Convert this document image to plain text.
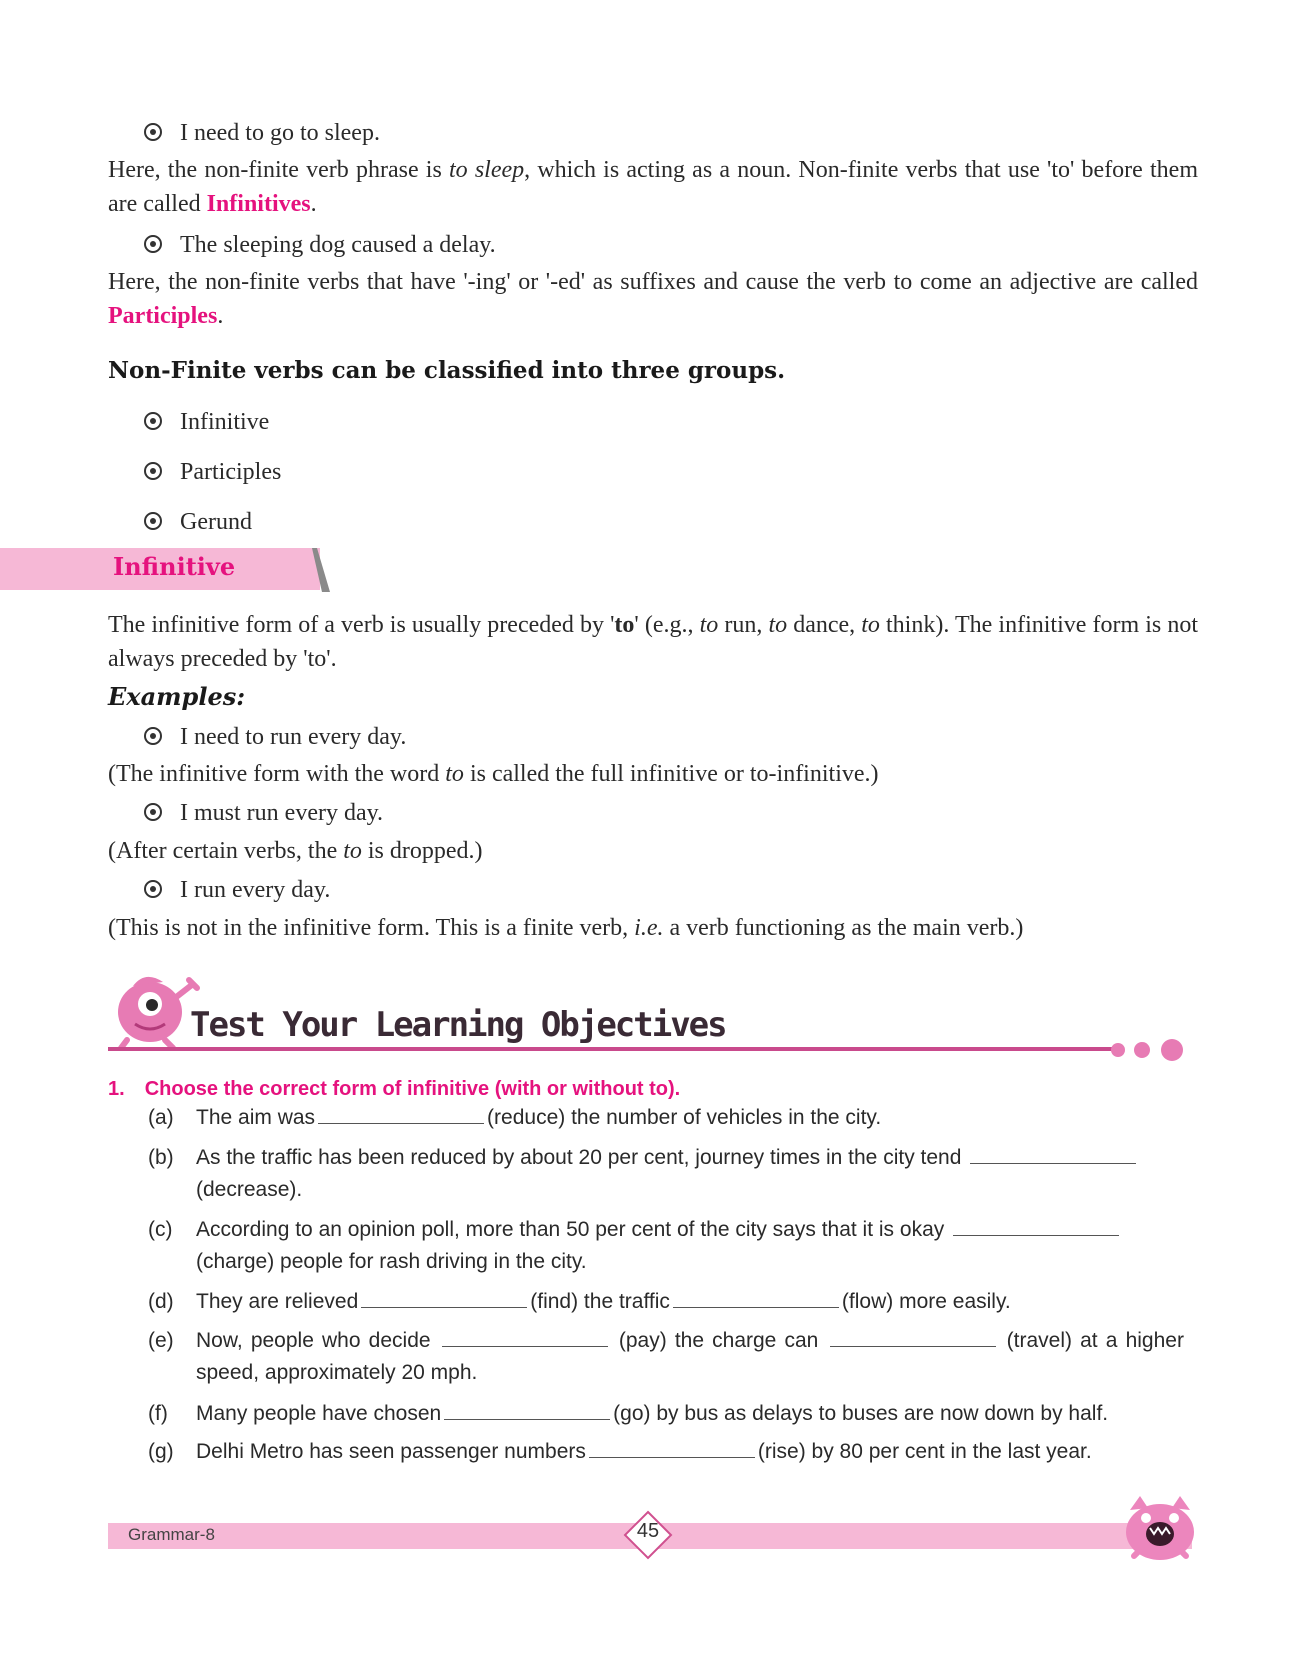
I need to go to sleep.
Here, the non-finite verb phrase is to sleep, which is acting as a noun. Non-finite verbs that use 'to' before them are called Infinitives.
The sleeping dog caused a delay.
Here, the non-finite verbs that have '-ing' or '-ed' as suffixes and cause the verb to come an adjective are called Participles.
Non-Finite verbs can be classified into three groups.
Infinitive
Participles
Gerund
Infinitive
The infinitive form of a verb is usually preceded by 'to' (e.g., to run, to dance, to think). The infinitive form is not always preceded by 'to'.
Examples:
I need to run every day.
(The infinitive form with the word to is called the full infinitive or to-infinitive.)
I must run every day.
(After certain verbs, the to is dropped.)
I run every day.
(This is not in the infinitive form. This is a finite verb, i.e. a verb functioning as the main verb.)
Test Your Learning Objectives
1. Choose the correct form of infinitive (with or without to).
(a) The aim was	(reduce) the number of vehicles in the city.
(b) As the traffic has been reduced by about 20 per cent, journey times in the city tend
(decrease).
(c) According to an opinion poll, more than 50 per cent of the city says that it is okay
(charge) people for rash driving in the city.
(d) They are relieved	(find) the traffic	(flow) more easily.
(e) Now, people who decide	(pay) the charge can	(travel) at a higher speed, approximately 20 mph.
(f) Many people have chosen	(go) by bus as delays to buses are now down by half.
(g) Delhi Metro has seen passenger numbers	(rise) by 80 per cent in the last year.
Grammar-8	45
